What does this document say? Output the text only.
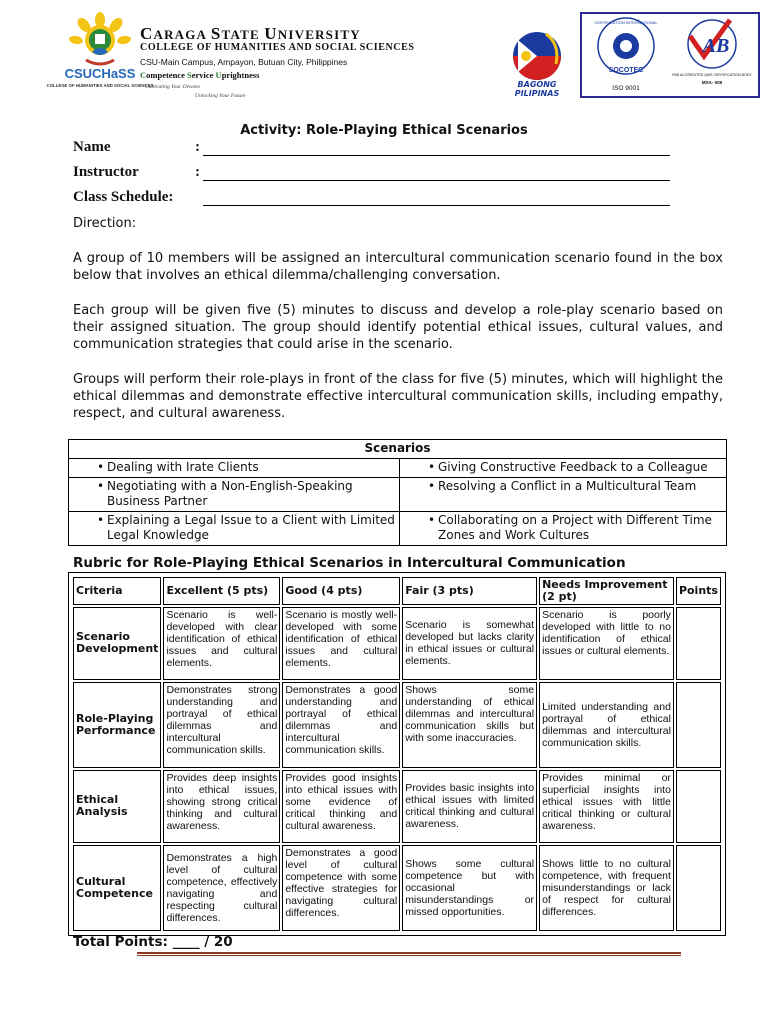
CSUCHaSS
COLLEGE OF HUMANITIES AND SOCIAL SCIENCES
CARAGA STATE UNIVERSITY
COLLEGE OF HUMANITIES AND SOCIAL SCIENCES
CSU-Main Campus, Ampayon, Butuan City, Philippines
Competence Service Uprightness
Cultivating Your Dreams
Unlocking Your Future
BAGONG PILIPINAS
CERTIFICATION INTERNATIONAL
SOCOTEC
ISO 9001
AB
PAB ACCREDITED QMS CERTIFICATION BODY
MSA- 005
Activity: Role-Playing Ethical Scenarios
Name	:
Instructor	:
Class Schedule:
Direction:
A group of 10 members will be assigned an intercultural communication scenario found in the box below that involves an ethical dilemma/challenging conversation.
Each group will be given five (5) minutes to discuss and develop a role-play scenario based on their assigned situation. The group should identify potential ethical issues, cultural values, and communication strategies that could arise in the scenario.
Groups will perform their role-plays in front of the class for five (5) minutes, which will highlight the ethical dilemmas and demonstrate effective intercultural communication skills, including empathy, respect, and cultural awareness.
Scenarios	

• Dealing with Irate Clients	• Giving Constructive Feedback to a Colleague

• Negotiating with a Non-English-Speaking Business Partner	• Resolving a Conflict in a Multicultural Team

• Explaining a Legal Issue to a Client with Limited Legal Knowledge	• Collaborating on a Project with Different Time Zones and Work Cultures
Rubric for Role-Playing Ethical Scenarios in Intercultural Communication
Criteria	Excellent (5 pts)	Good (4 pts)	Fair (3 pts)	Needs Improvement (2 pt)	Points
Scenario Development	Scenario is well-developed with clear identification of ethical issues and cultural elements.	Scenario is mostly well-developed with some identification of ethical issues and cultural elements.	Scenario is somewhat developed but lacks clarity in ethical issues or cultural elements.	Scenario is poorly developed with little to no identification of ethical issues or cultural elements.	
Role-Playing Performance	Demonstrates strong understanding and portrayal of ethical dilemmas and intercultural communication skills.	Demonstrates a good understanding and portrayal of ethical dilemmas and intercultural communication skills.	Shows some understanding of ethical dilemmas and intercultural communication skills but with some inaccuracies.	Limited understanding and portrayal of ethical dilemmas and intercultural communication skills.	
Ethical Analysis	Provides deep insights into ethical issues, showing strong critical thinking and cultural awareness.	Provides good insights into ethical issues with some evidence of critical thinking and cultural awareness.	Provides basic insights into ethical issues with limited critical thinking and cultural awareness.	Provides minimal or superficial insights into ethical issues with little critical thinking or cultural awareness.	
Cultural Competence	Demonstrates a high level of cultural competence, effectively navigating and respecting cultural differences.	Demonstrates a good level of cultural competence with some effective strategies for navigating cultural differences.	Shows some cultural competence but with occasional misunderstandings or missed opportunities.	Shows little to no cultural competence, with frequent misunderstandings or lack of respect for cultural differences.	
Total Points: ____ / 20
